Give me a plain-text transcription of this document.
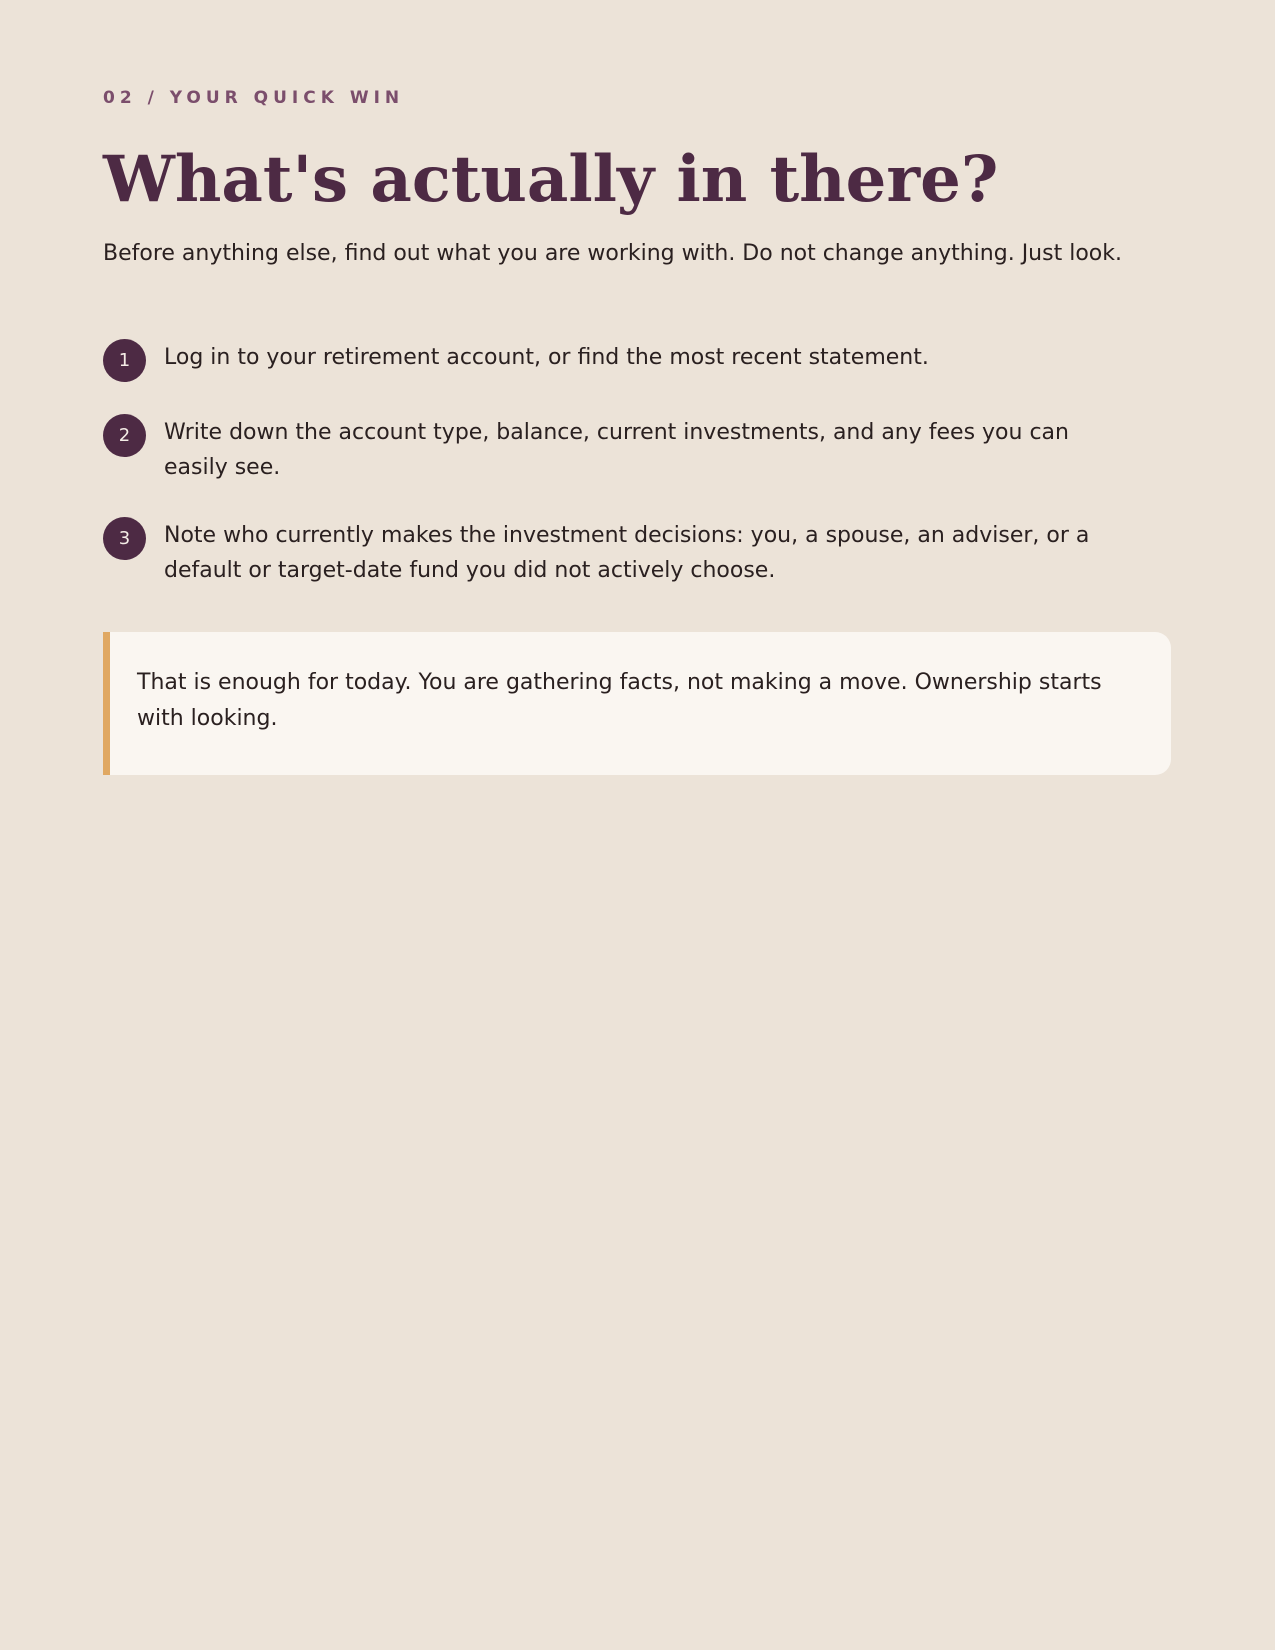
02 / YOUR QUICK WIN
What's actually in there?

Before anything else, find out what you are working with. Do not change anything. Just look.

1	Log in to your retirement account, or find the most recent statement.
2	Write down the account type, balance, current investments, and any fees you can easily see.
3	Note who currently makes the investment decisions: you, a spouse, an adviser, or a default or target-date fund you did not actively choose.

That is enough for today. You are gathering facts, not making a move. Ownership starts with looking.
